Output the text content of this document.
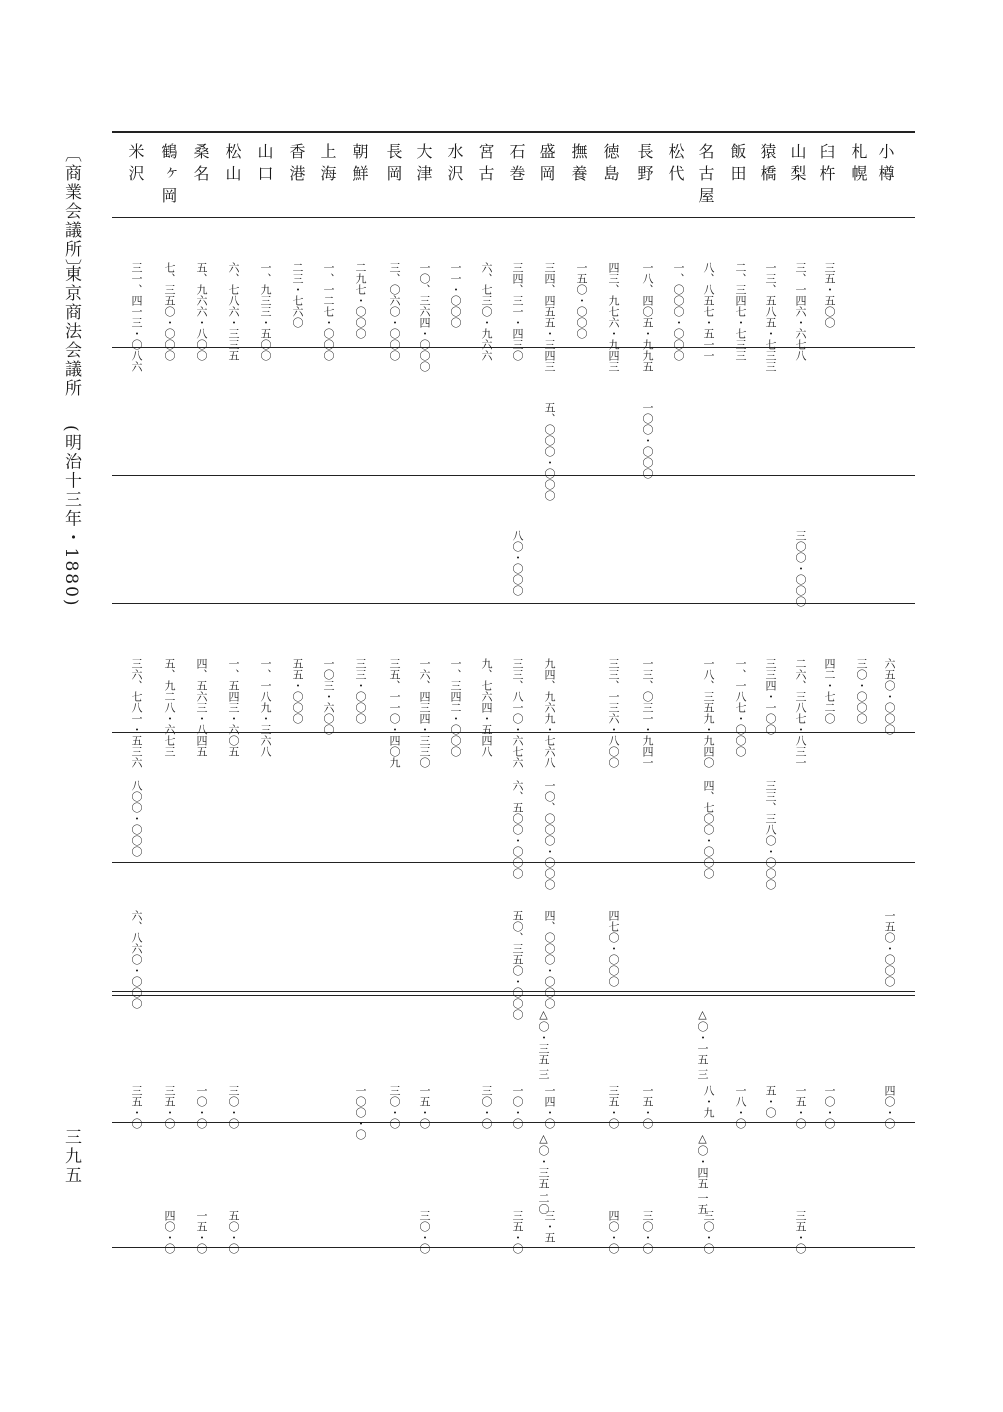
〔商業会議所〕
東京商法会議所
(明治十三年・1880)
三九五
小樽
六五〇・〇〇〇
一五〇・〇〇〇
四〇・〇
札幌
三〇・〇〇〇
臼杵
三五・五〇〇
四二・七二〇
一〇・〇
山梨
三、一四六・六七八
三〇〇・〇〇〇
二六、三八七・八三一
一五・〇
三五・〇
猿橋
一三、五八五・七三三
三三四・一〇〇
三三、三八〇・〇〇〇
五・〇
飯田
二、三四七・七三三
一、一八七・〇〇〇
一八・〇
名古屋
八、八五七・五一一
一八、三五九・九四〇
四、七〇〇・〇〇〇
△〇・一五 三
八・九
△〇・四五 一五
三〇・〇
松代
一、〇〇〇・〇〇〇
長野
一八、四〇五・九九五
一〇〇・〇〇〇
一三、〇三一・九四一
一五・〇
三〇・〇
徳島
四三、九七六・九四三
三三、一三六・八〇〇
四七〇・〇〇〇
三五・〇
四〇・〇
撫養
一五〇・〇〇〇
盛岡
三四、四五五・三四三
五、〇〇〇・〇〇〇
九四、九六九・七六八
一〇、〇〇〇・〇〇〇
四、〇〇〇・〇〇〇
△〇・三五 三
一四・〇
△〇・三五 二〇
三・五
石巻
三四、三一・四三〇
八〇・〇〇〇
三三、八一〇・六七六
六、五〇〇・〇〇〇
五〇、三五〇・〇〇〇
一〇・〇
三五・〇
宮古
六、七三〇・九六六
九、七六四・五四八
三〇・〇
水沢
一一・〇〇〇
一、三四二・〇〇〇
大津
一〇、三六四・〇〇〇
一六、四三四・三三〇
一五・〇
三〇・〇
長岡
三、〇六〇・〇〇〇
三五、一一〇・四〇九
三〇・〇
朝鮮
二九七・〇〇〇
三三・〇〇〇
一〇〇・〇
上海
一、一二七・〇〇〇
一〇三・六〇〇
香港
二三・七六〇
五五・〇〇〇
山口
一、九三三・五〇〇
一、一八九・三六八
松山
六、七八六・三三五
一、五四三・六〇五
三〇・〇
五〇・〇
桑名
五、九六六・八〇〇
四、五六三・八四五
一〇・〇
一五・〇
鶴ヶ岡
七、三五〇・〇〇〇
五、九二八・六七三
三五・〇
四〇・〇
米沢
三一、四一三・〇八六
三六、七八一・五三六
八〇〇・〇〇〇
六、八六〇・〇〇〇
三五・〇
